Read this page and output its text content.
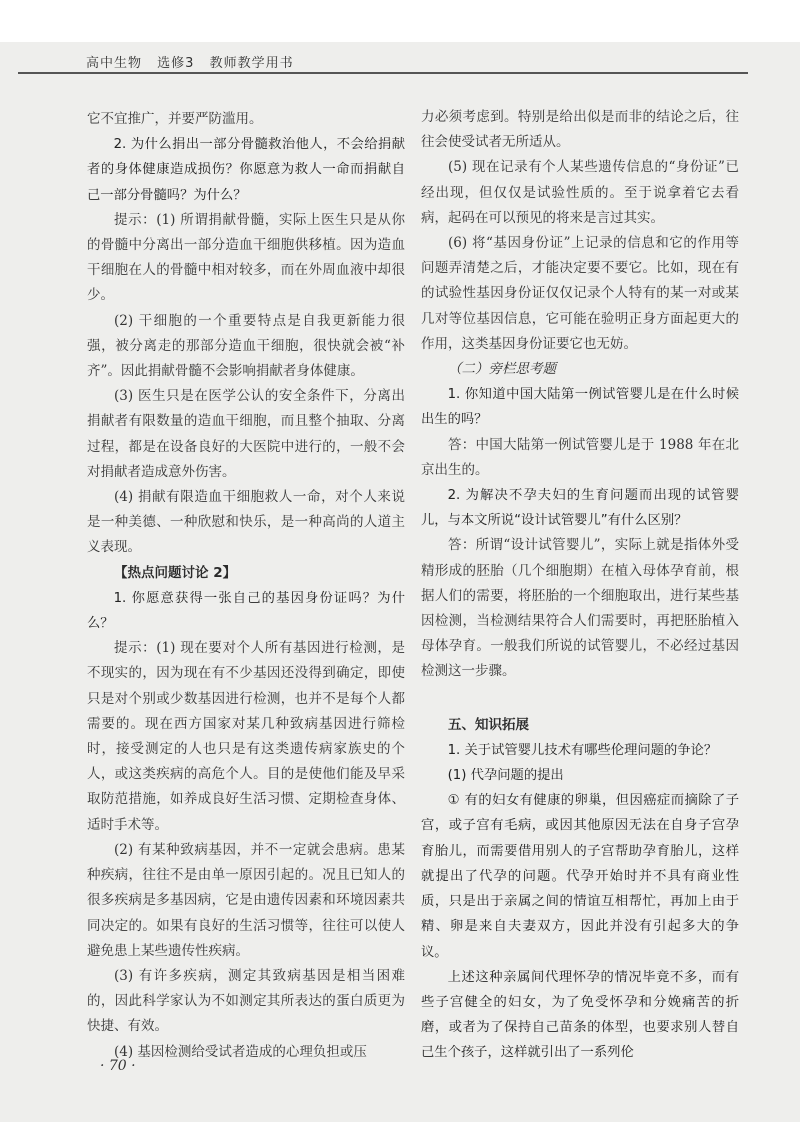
高中生物 选修3 教师教学用书

它不宜推广，并要严防滥用。

2. 为什么捐出一部分骨髓救治他人，不会给捐献者的身体健康造成损伤？你愿意为救人一命而捐献自己一部分骨髓吗？为什么？

提示：(1) 所谓捐献骨髓，实际上医生只是从你的骨髓中分离出一部分造血干细胞供移植。因为造血干细胞在人的骨髓中相对较多，而在外周血液中却很少。

(2) 干细胞的一个重要特点是自我更新能力很强，被分离走的那部分造血干细胞，很快就会被“补齐”。因此捐献骨髓不会影响捐献者身体健康。

(3) 医生只是在医学公认的安全条件下，分离出捐献者有限数量的造血干细胞，而且整个抽取、分离过程，都是在设备良好的大医院中进行的，一般不会对捐献者造成意外伤害。

(4) 捐献有限造血干细胞救人一命，对个人来说是一种美德、一种欣慰和快乐，是一种高尚的人道主义表现。

【热点问题讨论 2】

1. 你愿意获得一张自己的基因身份证吗？为什么？

提示：(1) 现在要对个人所有基因进行检测，是不现实的，因为现在有不少基因还没得到确定，即使只是对个别或少数基因进行检测，也并不是每个人都需要的。现在西方国家对某几种致病基因进行筛检时，接受测定的人也只是有这类遗传病家族史的个人，或这类疾病的高危个人。目的是使他们能及早采取防范措施，如养成良好生活习惯、定期检查身体、适时手术等。

(2) 有某种致病基因，并不一定就会患病。患某种疾病，往往不是由单一原因引起的。况且已知人的很多疾病是多基因病，它是由遗传因素和环境因素共同决定的。如果有良好的生活习惯等，往往可以使人避免患上某些遗传性疾病。

(3) 有许多疾病，测定其致病基因是相当困难的，因此科学家认为不如测定其所表达的蛋白质更为快捷、有效。

(4) 基因检测给受试者造成的心理负担或压

力必须考虑到。特别是给出似是而非的结论之后，往往会使受试者无所适从。

(5) 现在记录有个人某些遗传信息的“身份证”已经出现，但仅仅是试验性质的。至于说拿着它去看病，起码在可以预见的将来是言过其实。

(6) 将“基因身份证”上记录的信息和它的作用等问题弄清楚之后，才能决定要不要它。比如，现在有的试验性基因身份证仅仅记录个人特有的某一对或某几对等位基因信息，它可能在验明正身方面起更大的作用，这类基因身份证要它也无妨。

（二）旁栏思考题

1. 你知道中国大陆第一例试管婴儿是在什么时候出生的吗？

答：中国大陆第一例试管婴儿是于 1988 年在北京出生的。

2. 为解决不孕夫妇的生育问题而出现的试管婴儿，与本文所说“设计试管婴儿”有什么区别？

答：所谓“设计试管婴儿”，实际上就是指体外受精形成的胚胎（几个细胞期）在植入母体孕育前，根据人们的需要，将胚胎的一个细胞取出，进行某些基因检测，当检测结果符合人们需要时，再把胚胎植入母体孕育。一般我们所说的试管婴儿，不必经过基因检测这一步骤。

五、知识拓展

1. 关于试管婴儿技术有哪些伦理问题的争论？

(1) 代孕问题的提出

① 有的妇女有健康的卵巢，但因癌症而摘除了子宫，或子宫有毛病，或因其他原因无法在自身子宫孕育胎儿，而需要借用别人的子宫帮助孕育胎儿，这样就提出了代孕的问题。代孕开始时并不具有商业性质，只是出于亲属之间的情谊互相帮忙，再加上由于精、卵是来自夫妻双方，因此并没有引起多大的争议。

上述这种亲属间代理怀孕的情况毕竟不多，而有些子宫健全的妇女，为了免受怀孕和分娩痛苦的折磨，或者为了保持自己苗条的体型，也要求别人替自己生个孩子，这样就引出了一系列伦

· 70 ·
